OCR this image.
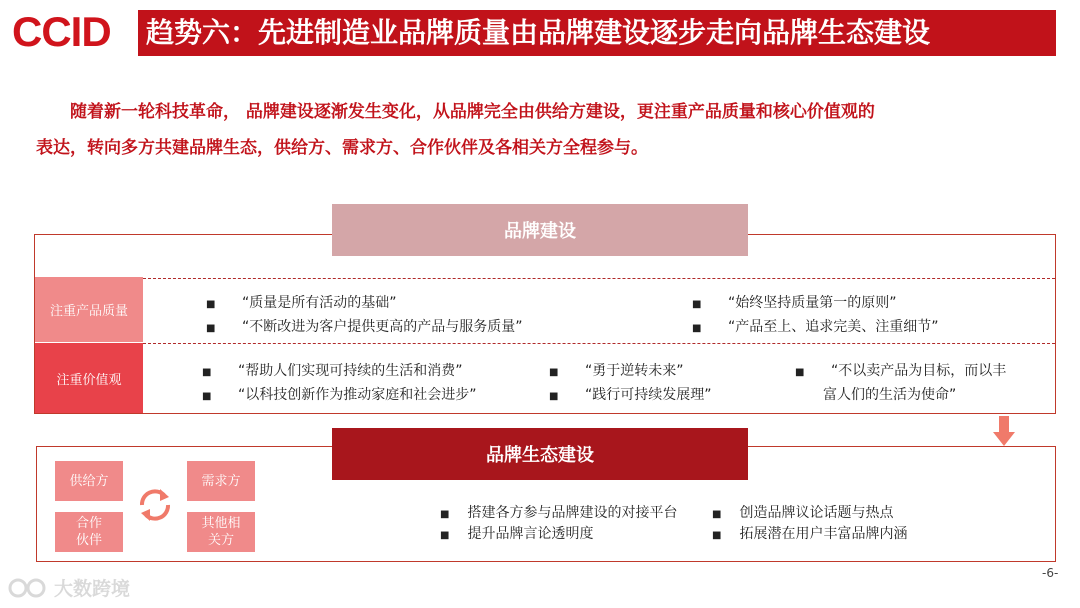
CCID 趋势六：先进制造业品牌质量由品牌建设逐步走向品牌生态建设
随着新一轮科技革命， 品牌建设逐渐发生变化，从品牌完全由供给方建设，更注重产品质量和核心价值观的
表达，转向多方共建品牌生态，供给方、需求方、合作伙伴及各相关方全程参与。
品牌建设
注重产品质量
注重价值观
■ “质量是所有活动的基础”
■ “不断改进为客户提供更高的产品与服务质量”
■ “始终坚持质量第一的原则”
■ “产品至上、追求完美、注重细节”
■ “帮助人们实现可持续的生活和消费”
■ “以科技创新作为推动家庭和社会进步”
■ “勇于逆转未来”
■ “践行可持续发展理”
■ “不以卖产品为目标，而以丰
富人们的生活为使命”
品牌生态建设
供给方	需求方
合作
伙伴
其他相
关方
■ 搭建各方参与品牌建设的对接平台
■ 提升品牌言论透明度
■ 创造品牌议论话题与热点
■ 拓展潜在用户丰富品牌内涵
-6-
大数跨境
